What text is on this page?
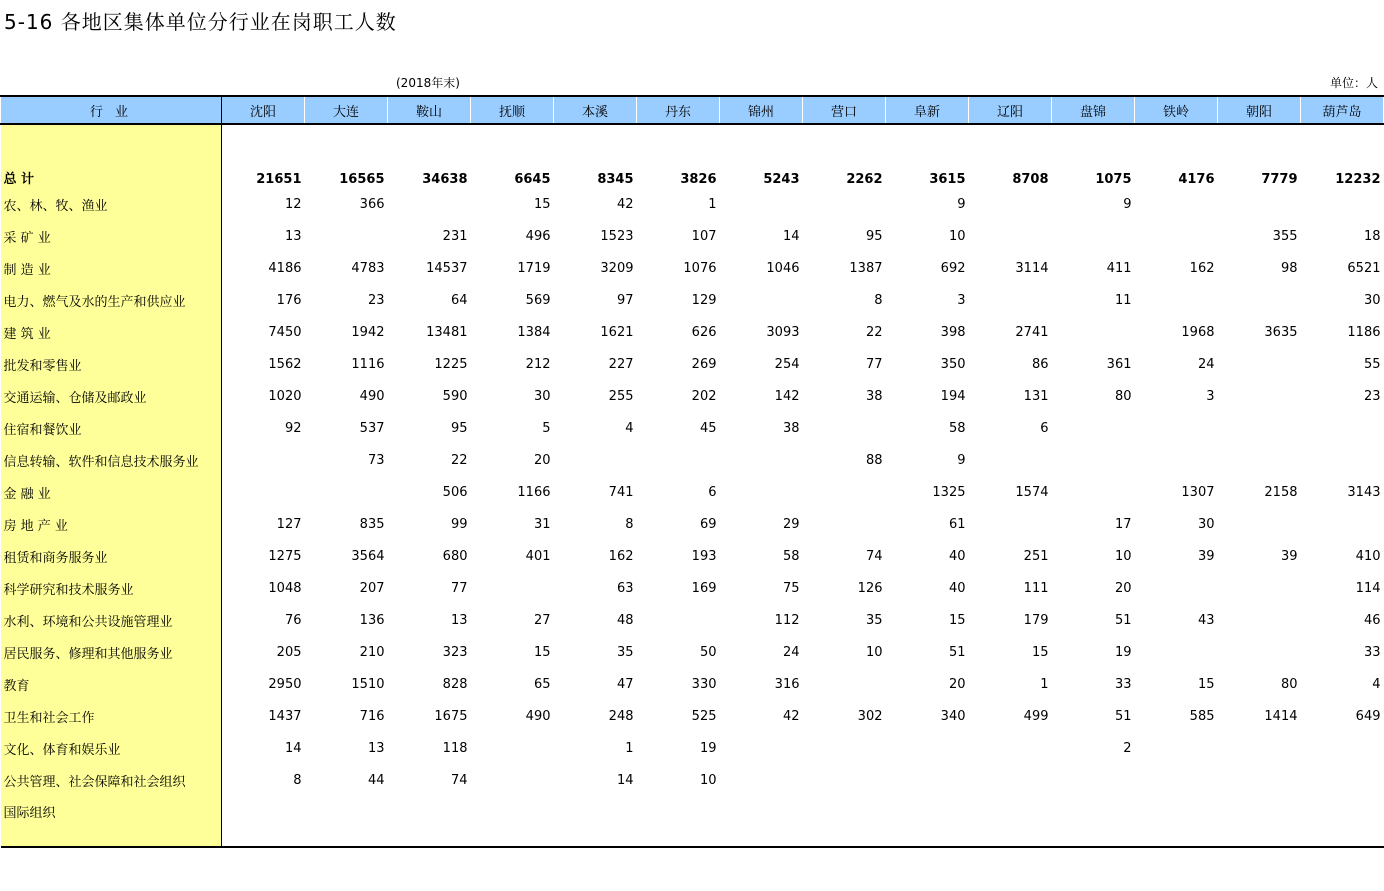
5-16 各地区集体单位分行业在岗职工人数
(2018年末)	单位：人
行 业	沈阳	大连	鞍山	抚顺	本溪	丹东	锦州	营口	阜新	辽阳	盘锦	铁岭	朝阳	葫芦岛

总 计	21651	16565	34638	6645	8345	3826	5243	2262	3615	8708	1075	4176	7779	12232
农、林、牧、渔业	12	366		15	42	1			9		9			
采 矿 业	13		231	496	1523	107	14	95	10				355	18
制 造 业	4186	4783	14537	1719	3209	1076	1046	1387	692	3114	411	162	98	6521
电力、燃气及水的生产和供应业	176	23	64	569	97	129		8	3		11			30
建 筑 业	7450	1942	13481	1384	1621	626	3093	22	398	2741		1968	3635	1186
批发和零售业	1562	1116	1225	212	227	269	254	77	350	86	361	24		55
交通运输、仓储及邮政业	1020	490	590	30	255	202	142	38	194	131	80	3		23
住宿和餐饮业	92	537	95	5	4	45	38		58	6				
信息转输、软件和信息技术服务业		73	22	20				88	9					
金 融 业			506	1166	741	6			1325	1574		1307	2158	3143
房 地 产 业	127	835	99	31	8	69	29		61		17	30		
租赁和商务服务业	1275	3564	680	401	162	193	58	74	40	251	10	39	39	410
科学研究和技术服务业	1048	207	77		63	169	75	126	40	111	20			114
水利、环境和公共设施管理业	76	136	13	27	48		112	35	15	179	51	43		46
居民服务、修理和其他服务业	205	210	323	15	35	50	24	10	51	15	19			33
教育	2950	1510	828	65	47	330	316		20	1	33	15	80	4
卫生和社会工作	1437	716	1675	490	248	525	42	302	340	499	51	585	1414	649
文化、体育和娱乐业	14	13	118		1	19					2			
公共管理、社会保障和社会组织	8	44	74		14	10								
国际组织														
